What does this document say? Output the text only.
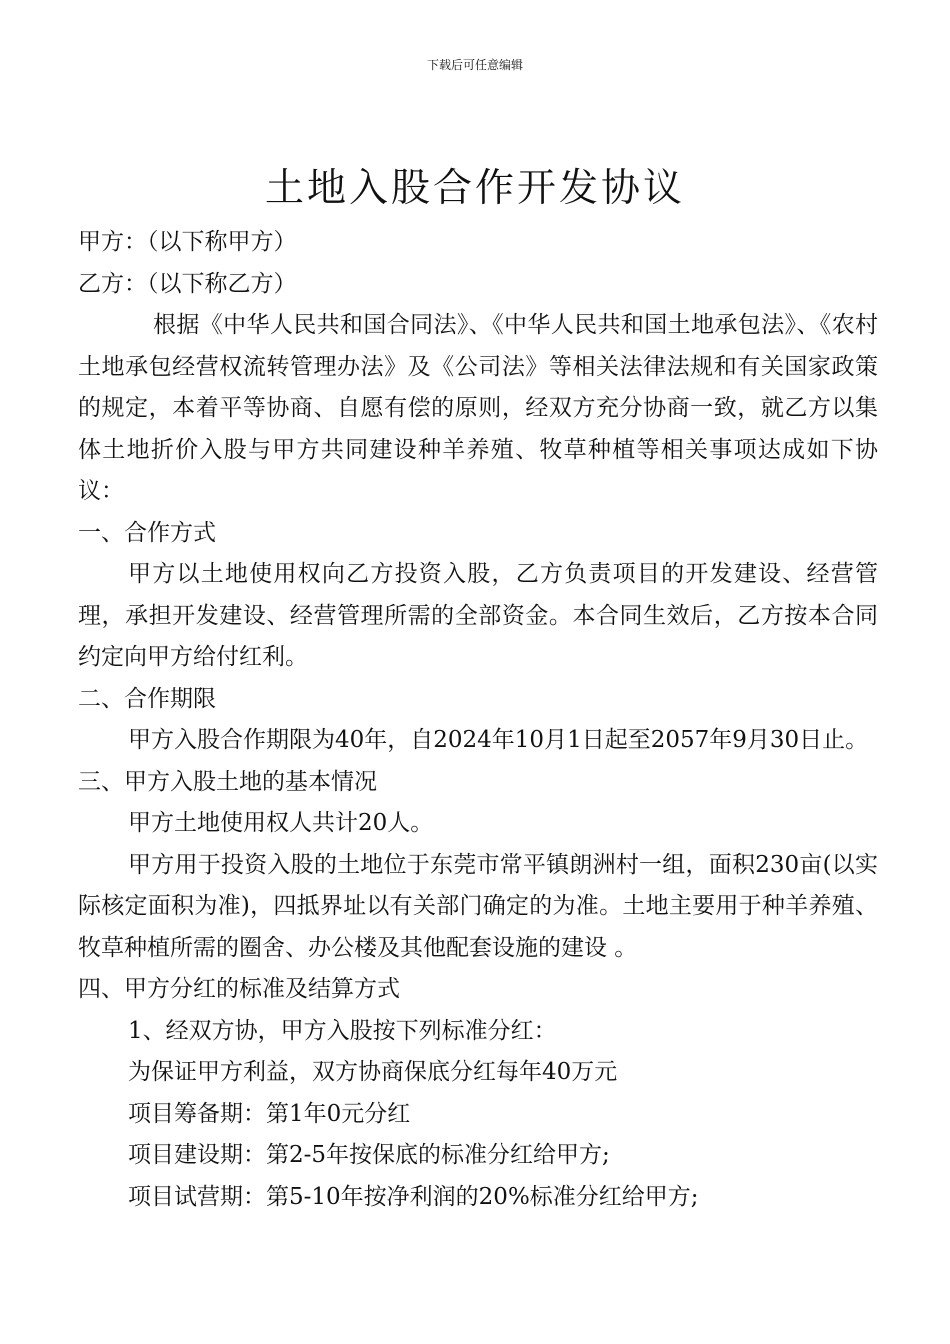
下载后可任意编辑
土地入股合作开发协议

甲方：（以下称甲方）

乙方：（以下称乙方）

根据《中华人民共和国合同法》、《中华人民共和国土地承包法》、《农村土地承包经营权流转管理办法》及《公司法》等相关法律法规和有关国家政策的规定，本着平等协商、自愿有偿的原则，经双方充分协商一致，就乙方以集体土地折价入股与甲方共同建设种羊养殖、牧草种植等相关事项达成如下协议：

一、合作方式

甲方以土地使用权向乙方投资入股，乙方负责项目的开发建设、经营管理，承担开发建设、经营管理所需的全部资金。本合同生效后，乙方按本合同约定向甲方给付红利。

二、合作期限

甲方入股合作期限为40年，自2024年10月1日起至2057年9月30日止。

三、甲方入股土地的基本情况

甲方土地使用权人共计20人。

甲方用于投资入股的土地位于东莞市常平镇朗洲村一组，面积230亩(以实际核定面积为准)，四抵界址以有关部门确定的为准。土地主要用于种羊养殖、牧草种植所需的圈舍、办公楼及其他配套设施的建设 。

四、甲方分红的标准及结算方式

1、经双方协，甲方入股按下列标准分红：

为保证甲方利益，双方协商保底分红每年40万元

项目筹备期：第1年0元分红

项目建设期：第2-5年按保底的标准分红给甲方;

项目试营期：第5-10年按净利润的20%标准分红给甲方;
